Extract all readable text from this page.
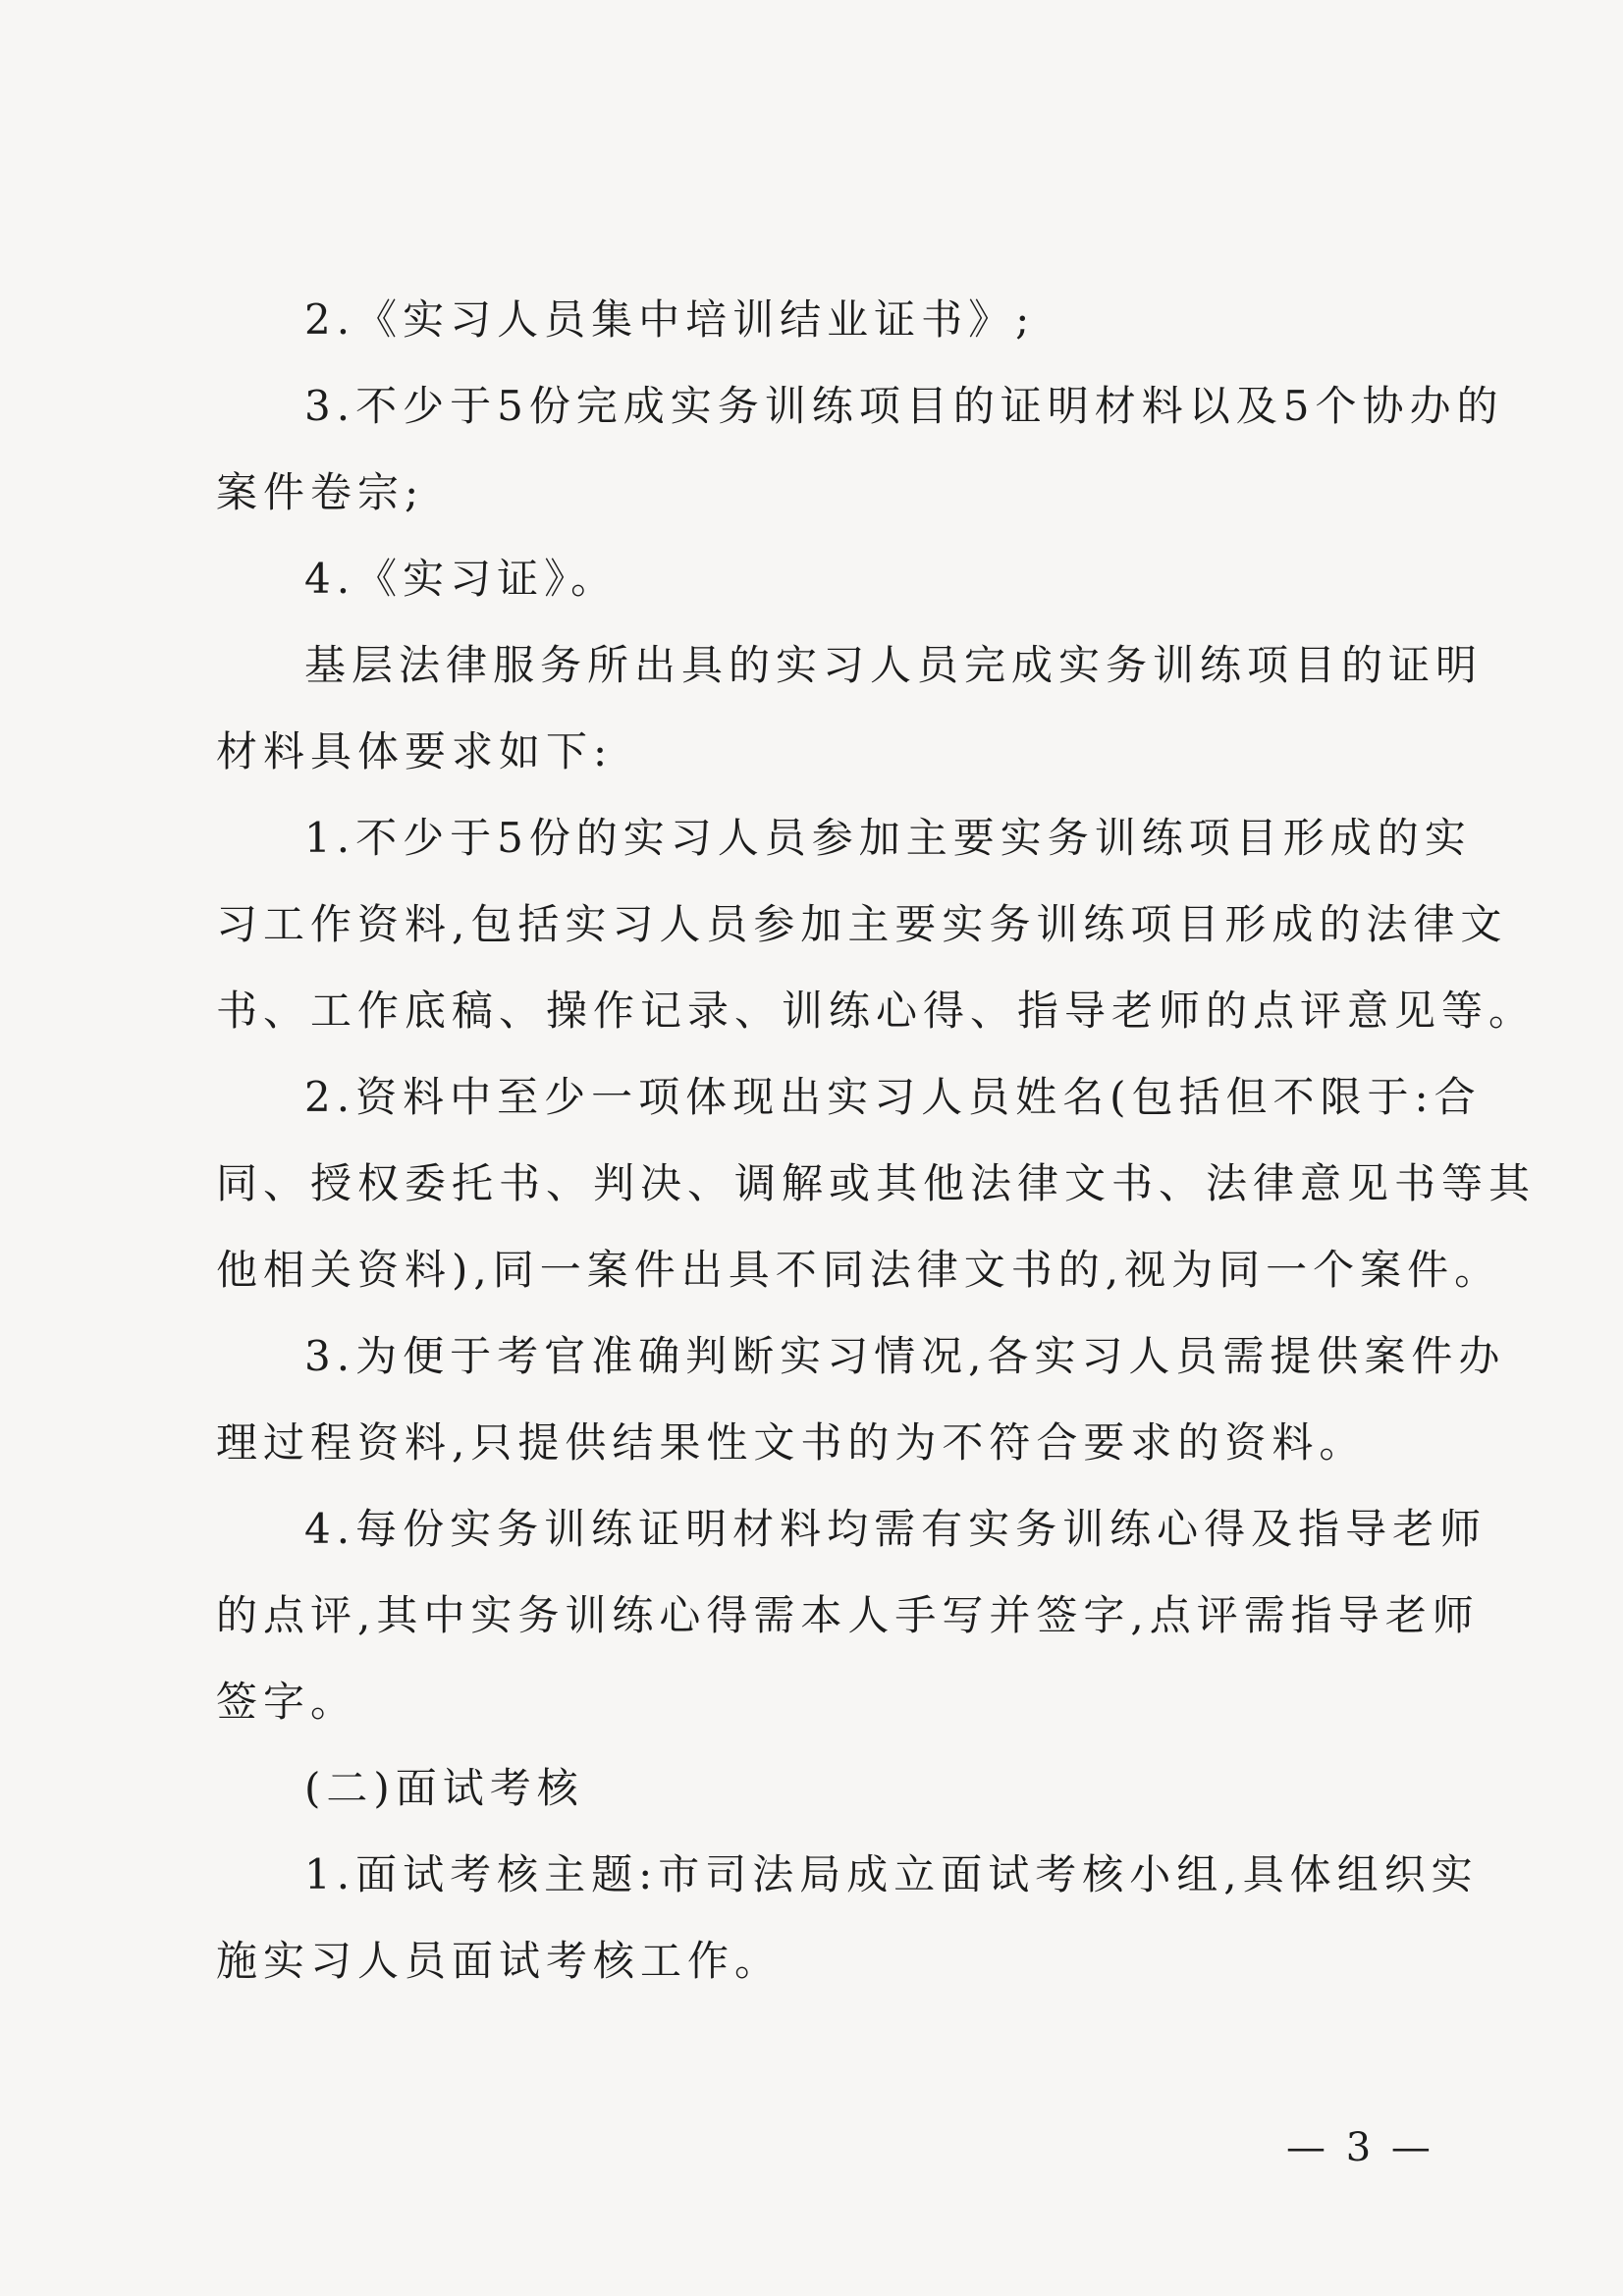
2.《实习人员集中培训结业证书》;
3.不少于5份完成实务训练项目的证明材料以及5个协办的
案件卷宗;
4.《实习证》。
基层法律服务所出具的实习人员完成实务训练项目的证明
材料具体要求如下:
1.不少于5份的实习人员参加主要实务训练项目形成的实
习工作资料,包括实习人员参加主要实务训练项目形成的法律文
书、工作底稿、操作记录、训练心得、指导老师的点评意见等。
2.资料中至少一项体现出实习人员姓名(包括但不限于:合
同、授权委托书、判决、调解或其他法律文书、法律意见书等其
他相关资料),同一案件出具不同法律文书的,视为同一个案件。
3.为便于考官准确判断实习情况,各实习人员需提供案件办
理过程资料,只提供结果性文书的为不符合要求的资料。
4.每份实务训练证明材料均需有实务训练心得及指导老师
的点评,其中实务训练心得需本人手写并签字,点评需指导老师
签字。
(二)面试考核
1.面试考核主题:市司法局成立面试考核小组,具体组织实
施实习人员面试考核工作。
— 3 —
